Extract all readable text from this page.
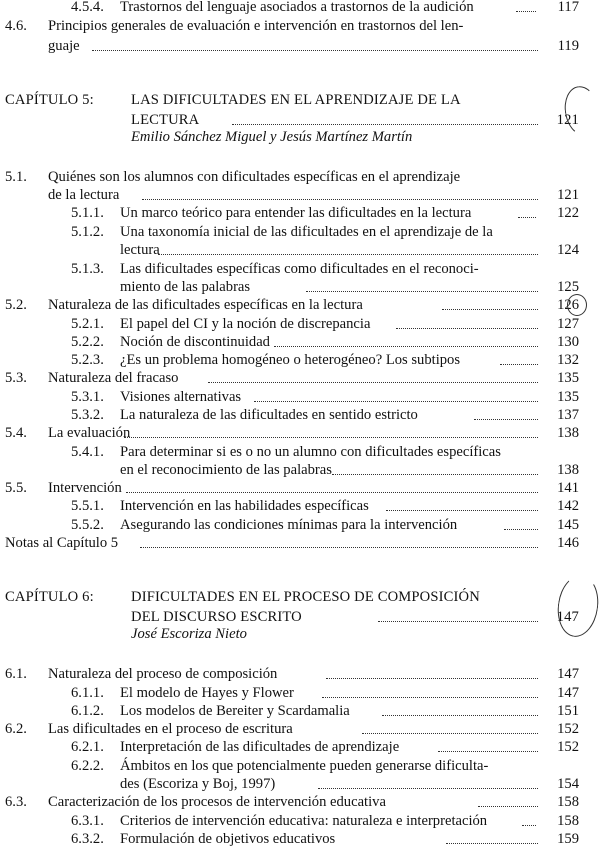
4.5.4. Trastornos del lenguaje asociados a trastornos de la audición	117
4.6. Principios generales de evaluación e intervención en trastornos del len-
guaje	119
CAPÍTULO 5:	LAS DIFICULTADES EN EL APRENDIZAJE DE LA
LECTURA	121
Emilio Sánchez Miguel y Jesús Martínez Martín
5.1. Quiénes son los alumnos con dificultades específicas en el aprendizaje
de la lectura	121
5.1.1. Un marco teórico para entender las dificultades en la lectura	122
5.1.2. Una taxonomía inicial de las dificultades en el aprendizaje de la
lectura	124
5.1.3. Las dificultades específicas como dificultades en el reconoci-
miento de las palabras	125
5.2. Naturaleza de las dificultades específicas en la lectura	126
5.2.1. El papel del CI y la noción de discrepancia	127
5.2.2. Noción de discontinuidad	130
5.2.3. ¿Es un problema homogéneo o heterogéneo? Los subtipos	132
5.3. Naturaleza del fracaso	135
5.3.1. Visiones alternativas	135
5.3.2. La naturaleza de las dificultades en sentido estricto	137
5.4. La evaluación	138
5.4.1. Para determinar si es o no un alumno con dificultades específicas
en el reconocimiento de las palabras	138
5.5. Intervención	141
5.5.1. Intervención en las habilidades específicas	142
5.5.2. Asegurando las condiciones mínimas para la intervención	145
Notas al Capítulo 5	146
CAPÍTULO 6:	DIFICULTADES EN EL PROCESO DE COMPOSICIÓN
DEL DISCURSO ESCRITO	147
José Escoriza Nieto
6.1. Naturaleza del proceso de composición	147
6.1.1. El modelo de Hayes y Flower	147
6.1.2. Los modelos de Bereiter y Scardamalia	151
6.2. Las dificultades en el proceso de escritura	152
6.2.1. Interpretación de las dificultades de aprendizaje	152
6.2.2. Ámbitos en los que potencialmente pueden generarse dificulta-
des (Escoriza y Boj, 1997)	154
6.3. Caracterización de los procesos de intervención educativa	158
6.3.1. Criterios de intervención educativa: naturaleza e interpretación	158
6.3.2. Formulación de objetivos educativos	159
